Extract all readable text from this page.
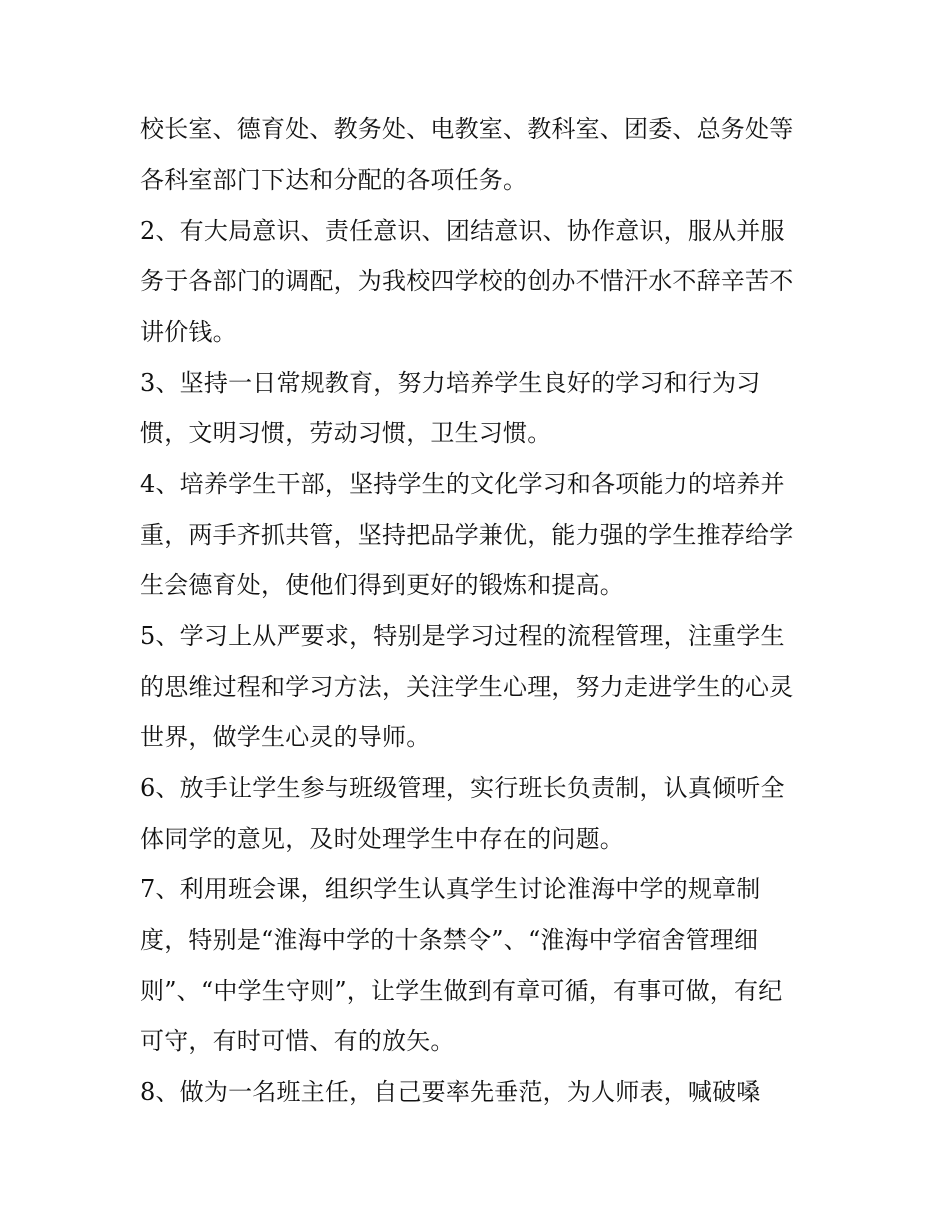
校长室、德育处、教务处、电教室、教科室、团委、总务处等
各科室部门下达和分配的各项任务。
2、有大局意识、责任意识、团结意识、协作意识，服从并服
务于各部门的调配，为我校四学校的创办不惜汗水不辞辛苦不
讲价钱。
3、坚持一日常规教育，努力培养学生良好的学习和行为习
惯，文明习惯，劳动习惯，卫生习惯。
4、培养学生干部，坚持学生的文化学习和各项能力的培养并
重，两手齐抓共管，坚持把品学兼优，能力强的学生推荐给学
生会德育处，使他们得到更好的锻炼和提高。
5、学习上从严要求，特别是学习过程的流程管理，注重学生
的思维过程和学习方法，关注学生心理，努力走进学生的心灵
世界，做学生心灵的导师。
6、放手让学生参与班级管理，实行班长负责制，认真倾听全
体同学的意见，及时处理学生中存在的问题。
7、利用班会课，组织学生认真学生讨论淮海中学的规章制
度，特别是“淮海中学的十条禁令”、“淮海中学宿舍管理细
则”、“中学生守则”，让学生做到有章可循，有事可做，有纪
可守，有时可惜、有的放矢。
8、做为一名班主任，自己要率先垂范，为人师表，喊破嗓
